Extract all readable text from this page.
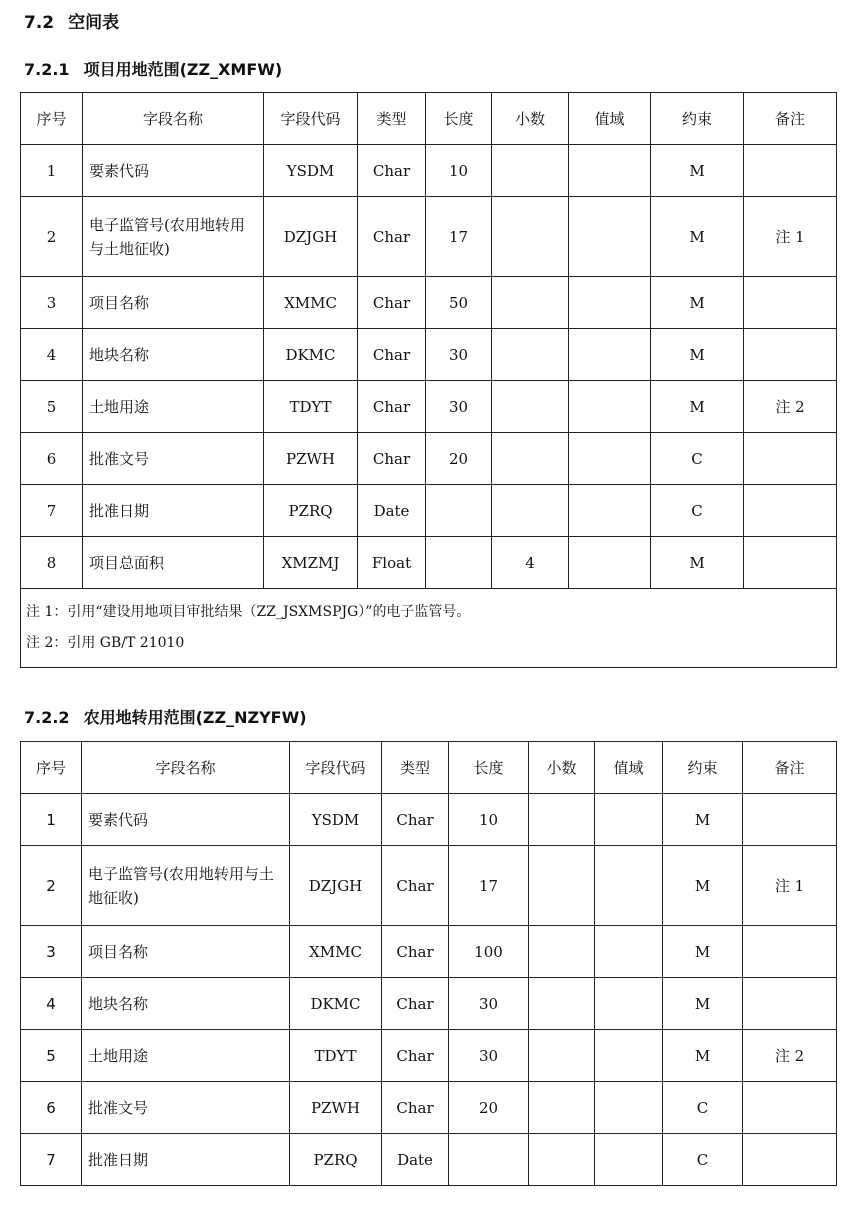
7.2 空间表
7.2.1 项目用地范围(ZZ_XMFW)
序号	字段名称	字段代码	类型	长度	小数	值域	约束	备注
1	要素代码	YSDM	Char	10			M	
2	电子监管号(农用地转用与土地征收)	DZJGH	Char	17			M	注 1
3	项目名称	XMMC	Char	50			M	
4	地块名称	DKMC	Char	30			M	
5	土地用途	TDYT	Char	30			M	注 2
6	批准文号	PZWH	Char	20			C	
7	批准日期	PZRQ	Date				C	
8	项目总面积	XMZMJ	Float		4		M	

注 1：引用“建设用地项目审批结果（ZZ_JSXMSPJG）”的电子监管号。
注 2：引用 GB/T 21010								
7.2.2 农用地转用范围(ZZ_NZYFW)
序号	字段名称	字段代码	类型	长度	小数	值域	约束	备注
1	要素代码	YSDM	Char	10			M	
2	电子监管号(农用地转用与土地征收)	DZJGH	Char	17			M	注 1
3	项目名称	XMMC	Char	100			M	
4	地块名称	DKMC	Char	30			M	
5	土地用途	TDYT	Char	30			M	注 2
6	批准文号	PZWH	Char	20			C	
7	批准日期	PZRQ	Date				C	
